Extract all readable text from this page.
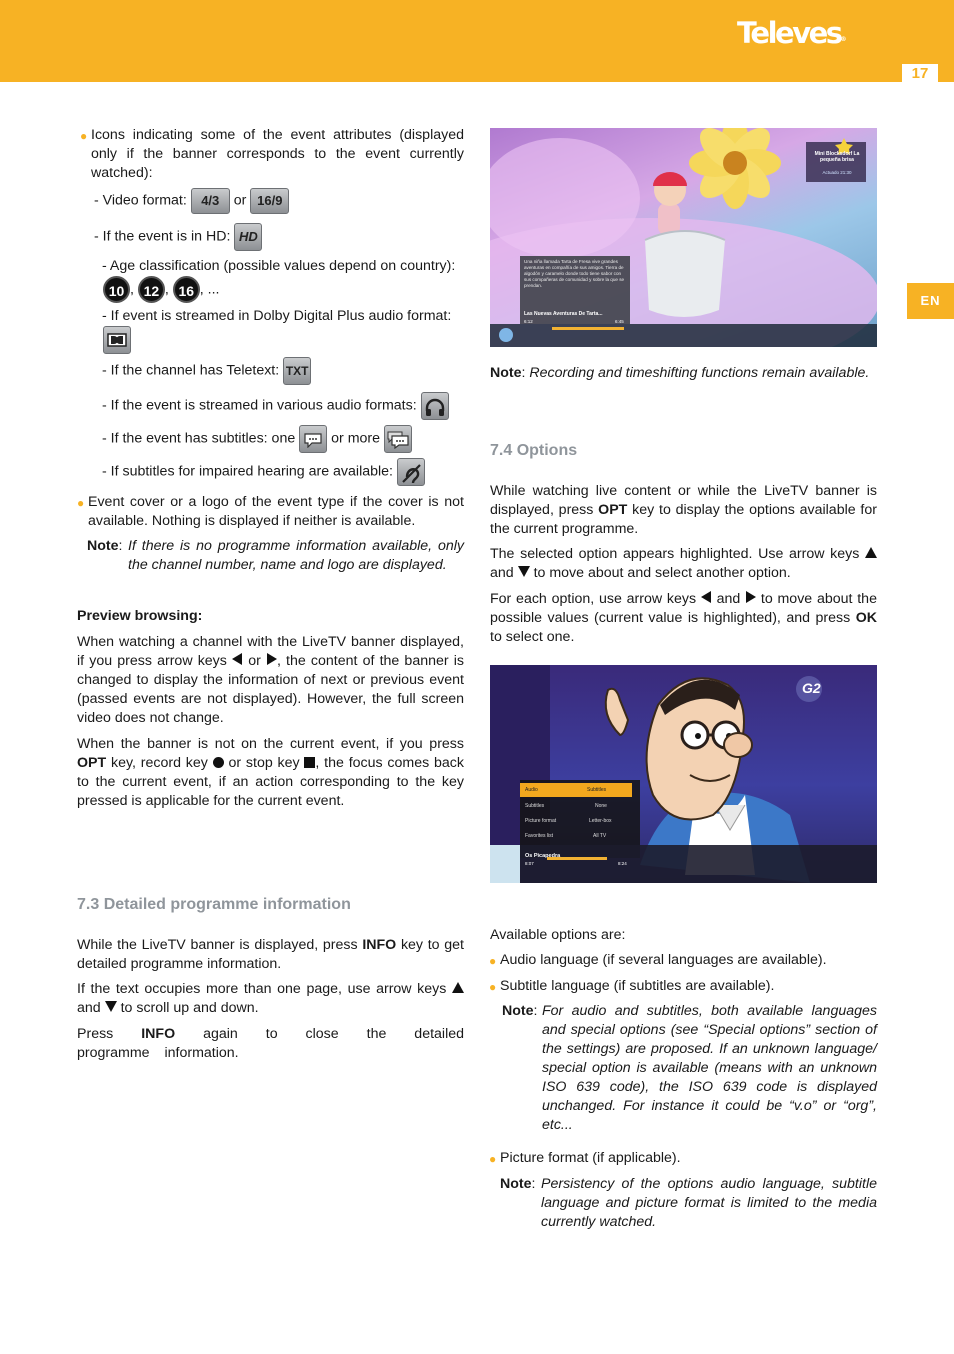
Televes®
17
EN
● Icons indicating some of the event attributes (displayed only if the banner corresponds to the event currently watched):
- Video format: 4/3 or 16/9
- If the event is in HD: HD
- Age classification (possible values depend on country):
10 , 12 , 16 , ...
- If event is streamed in Dolby Digital Plus audio format:
- If the channel has Teletext: TXT
- If the event is streamed in various audio formats:
- If the event has subtitles: one	or more
- If subtitles for impaired hearing are available:
● Event cover or a logo of the event type if the cover is not available. Nothing is displayed if neither is available.
Note: If there is no programme information available, only the channel number, name and logo are displayed.
Preview browsing:
When watching a channel with the LiveTV banner displayed, if you press arrow keys or , the content of the banner is changed to display the information of next or previous event (passed events are not displayed). However, the full screen video does not change.
When the banner is not on the current event, if you press OPT key, record key or stop key , the focus comes back to the current event, if an action corresponding to the key pressed is applicable for the current event.
7.3 Detailed programme information
While the LiveTV banner is displayed, press INFO key to get detailed programme information.
If the text occupies more than one page, use arrow keys  and to scroll up and down.
Press INFO again to close the detailed programme information.
Mini Blocksdorf La pequeña brisa
Actuado 21:30
Una niña llamada Tarta de Fresa vive grandes aventuras en compañía de sus amigos. Tierra de algodón y caramelo donde todo tiene sabor con sus compañeras de comunidad y sobre la que se prendan.
Las Nuevas Aventuras De Tarta...
6:12	6:45
Note: Recording and timeshifting functions remain available.
7.4 Options
While watching live content or while the LiveTV banner is displayed, press OPT key to display the options available for the current programme.
The selected option appears highlighted. Use arrow keys  and to move about and select another option.
For each option, use arrow keys and to move about the possible values (current value is highlighted), and press OK to select one.
G2
Audio	Subtitles
Subtitles	None
Picture format	Letter-box
Favorites list	All TV
Os Picapedra
8:07	8:24
Available options are:
● Audio language (if several languages are available).
● Subtitle language (if subtitles are available).
Note: For audio and subtitles, both available languages and special options (see “Special options” section of the settings) are proposed. If an unknown language/ special option is available (means with an unknown ISO 639 code), the ISO 639 code is displayed unchanged. For instance it could be “v.o” or “org”, etc...
● Picture format (if applicable).
Note: Persistency of the options audio language, subtitle language and picture format is limited to the media currently watched.
